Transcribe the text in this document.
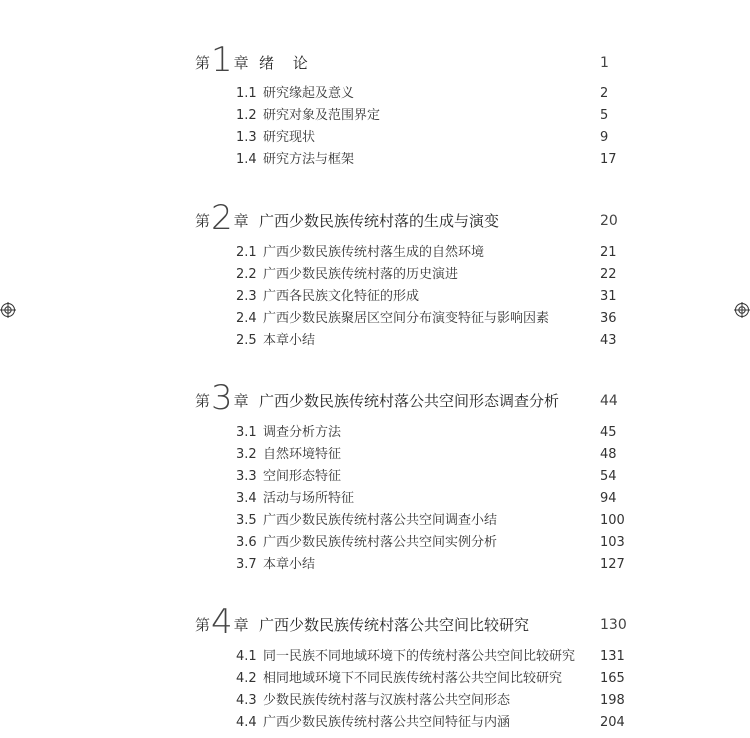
第 1 章 绪 论	1
1.1 研究缘起及意义	2
1.2 研究对象及范围界定	5
1.3 研究现状	9
1.4 研究方法与框架	17
第 2 章 广西少数民族传统村落的生成与演变	20
2.1 广西少数民族传统村落生成的自然环境	21
2.2 广西少数民族传统村落的历史演进	22
2.3 广西各民族文化特征的形成	31
2.4 广西少数民族聚居区空间分布演变特征与影响因素	36
2.5 本章小结	43
第 3 章 广西少数民族传统村落公共空间形态调查分析	44
3.1 调查分析方法	45
3.2 自然环境特征	48
3.3 空间形态特征	54
3.4 活动与场所特征	94
3.5 广西少数民族传统村落公共空间调查小结	100
3.6 广西少数民族传统村落公共空间实例分析	103
3.7 本章小结	127
第 4 章 广西少数民族传统村落公共空间比较研究	130
4.1 同一民族不同地域环境下的传统村落公共空间比较研究 131
4.2 相同地域环境下不同民族传统村落公共空间比较研究	165
4.3 少数民族传统村落与汉族村落公共空间形态	198
4.4 广西少数民族传统村落公共空间特征与内涵	204
